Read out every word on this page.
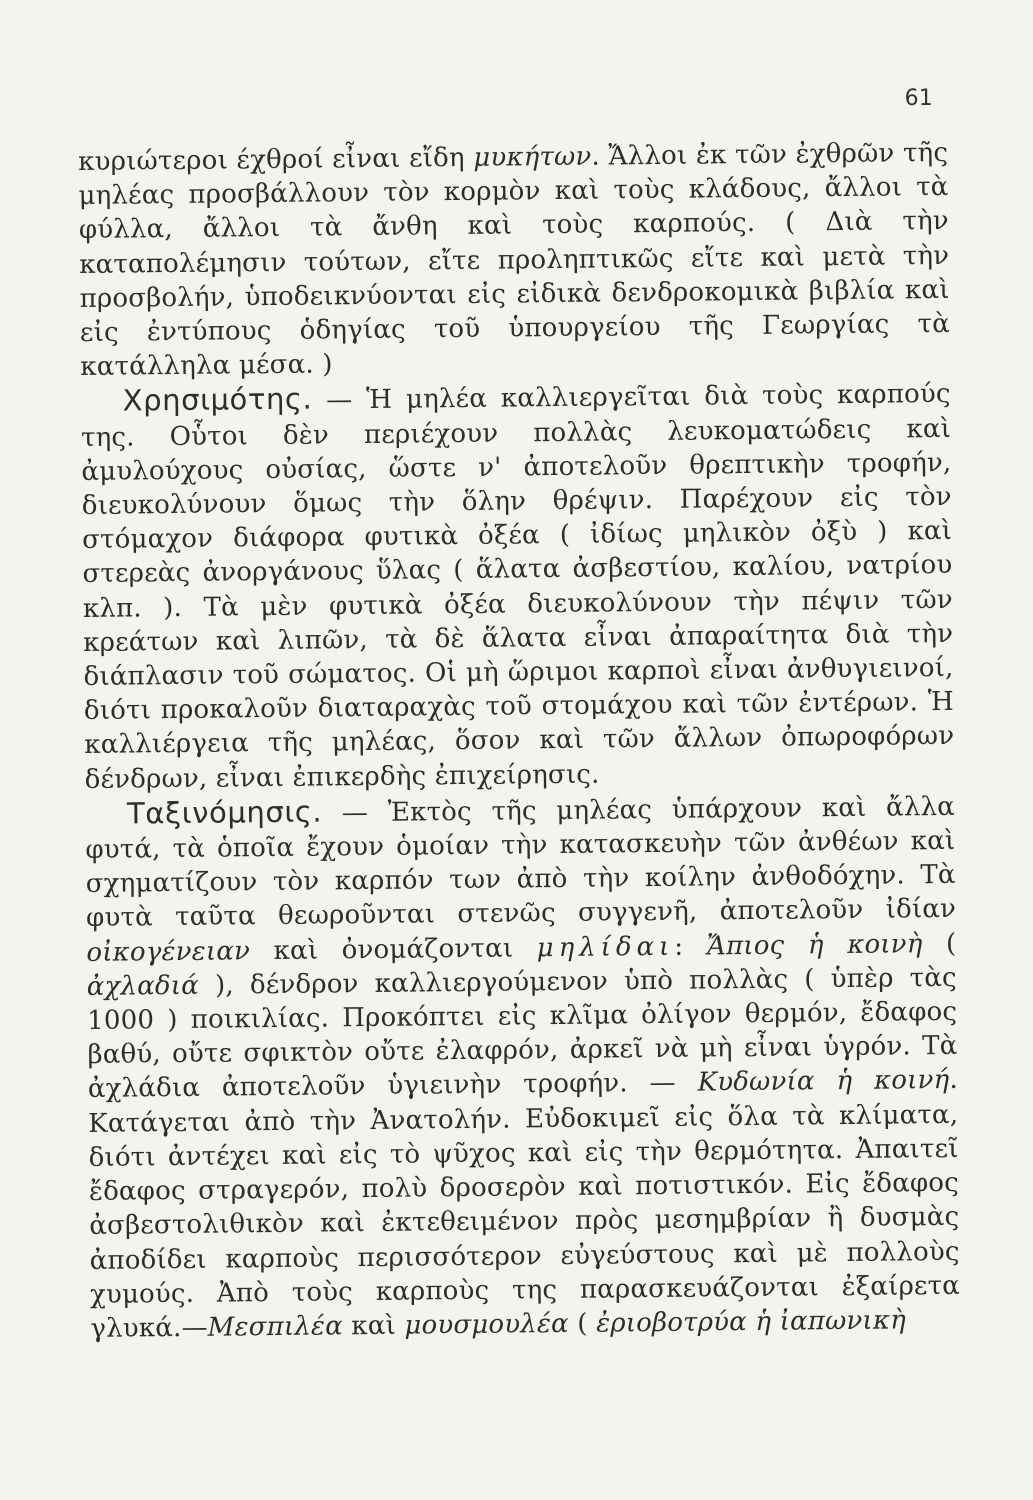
61

κυριώτεροι έχθροί εἶναι εἴδη μυκήτων. Ἄλλοι ἐκ τῶν ἐχθρῶν τῆς μηλέας προσβάλλουν τὸν κορμὸν καὶ τοὺς κλάδους, ἄλλοι τὰ φύλλα, ἄλλοι τὰ ἄνθη καὶ τοὺς καρπούς. ( Διὰ τὴν καταπολέμησιν τούτων, εἴτε προληπτικῶς εἴτε καὶ μετὰ τὴν προσβολήν, ὑποδεικνύονται εἰς εἰδικὰ δενδροκομικὰ βιβλία καὶ εἰς ἐντύπους ὁδηγίας τοῦ ὑπουργείου τῆς Γεωργίας τὰ κατάλληλα μέσα. )

Χρησιμότης. — Ἡ μηλέα καλλιεργεῖται διὰ τοὺς καρπούς της. Οὗτοι δὲν περιέχουν πολλὰς λευκοματώδεις καὶ ἀμυλούχους οὐσίας, ὥστε ν' ἀποτελοῦν θρεπτικὴν τροφήν, διευκολύνουν ὅμως τὴν ὅλην θρέψιν. Παρέχουν εἰς τὸν στόμαχον διάφορα φυτικὰ ὀξέα ( ἰδίως μηλικὸν ὀξὺ ) καὶ στερεὰς ἀνοργάνους ὕλας ( ἅλατα ἀσβεστίου, καλίου, νατρίου κλπ. ). Τὰ μὲν φυτικὰ ὀξέα διευκολύνουν τὴν πέψιν τῶν κρεάτων καὶ λιπῶν, τὰ δὲ ἅλατα εἶναι ἀπαραίτητα διὰ τὴν διάπλασιν τοῦ σώματος. Οἱ μὴ ὥριμοι καρποὶ εἶναι ἀνθυγιεινοί, διότι προκαλοῦν διαταραχὰς τοῦ στομάχου καὶ τῶν ἐντέρων. Ἡ καλλιέργεια τῆς μηλέας, ὅσον καὶ τῶν ἄλλων ὀπωροφόρων δένδρων, εἶναι ἐπικερδὴς ἐπιχείρησις.

Ταξινόμησις. — Ἐκτὸς τῆς μηλέας ὑπάρχουν καὶ ἄλλα φυτά, τὰ ὁποῖα ἔχουν ὁμοίαν τὴν κατασκευὴν τῶν ἀνθέων καὶ σχηματίζουν τὸν καρπόν των ἀπὸ τὴν κοίλην ἀνθοδόχην. Τὰ φυτὰ ταῦτα θεωροῦνται στενῶς συγγενῆ, ἀποτελοῦν ἰδίαν οἰκογένειαν καὶ ὀνομάζονται μηλίδαι: Ἄπιος ἡ κοινὴ ( ἀχλαδιά ), δένδρον καλλιεργούμενον ὑπὸ πολλὰς ( ὑπὲρ τὰς 1000 ) ποικιλίας. Προκόπτει εἰς κλῖμα ὀλίγον θερμόν, ἔδαφος βαθύ, οὔτε σφικτὸν οὔτε ἐλαφρόν, ἀρκεῖ νὰ μὴ εἶναι ὑγρόν. Τὰ ἀχλάδια ἀποτελοῦν ὑγιεινὴν τροφήν. — Κυδωνία ἡ κοινή. Κατάγεται ἀπὸ τὴν Ἀνατολήν. Εὐδοκιμεῖ εἰς ὅλα τὰ κλίματα, διότι ἀντέχει καὶ εἰς τὸ ψῦχος καὶ εἰς τὴν θερμότητα. Ἀπαιτεῖ ἔδαφος στραγερόν, πολὺ δροσερὸν καὶ ποτιστικόν. Εἰς ἔδαφος ἀσβεστολιθικὸν καὶ ἐκτεθειμένον πρὸς μεσημβρίαν ἢ δυσμὰς ἀποδίδει καρποὺς περισσότερον εὐγεύστους καὶ μὲ πολλοὺς χυμούς. Ἀπὸ τοὺς καρποὺς της παρασκευάζονται ἐξαίρετα γλυκά.—Μεσπιλέα καὶ μουσμουλέα ( ἐριοβοτρύα ἡ ἰαπωνικὴ
